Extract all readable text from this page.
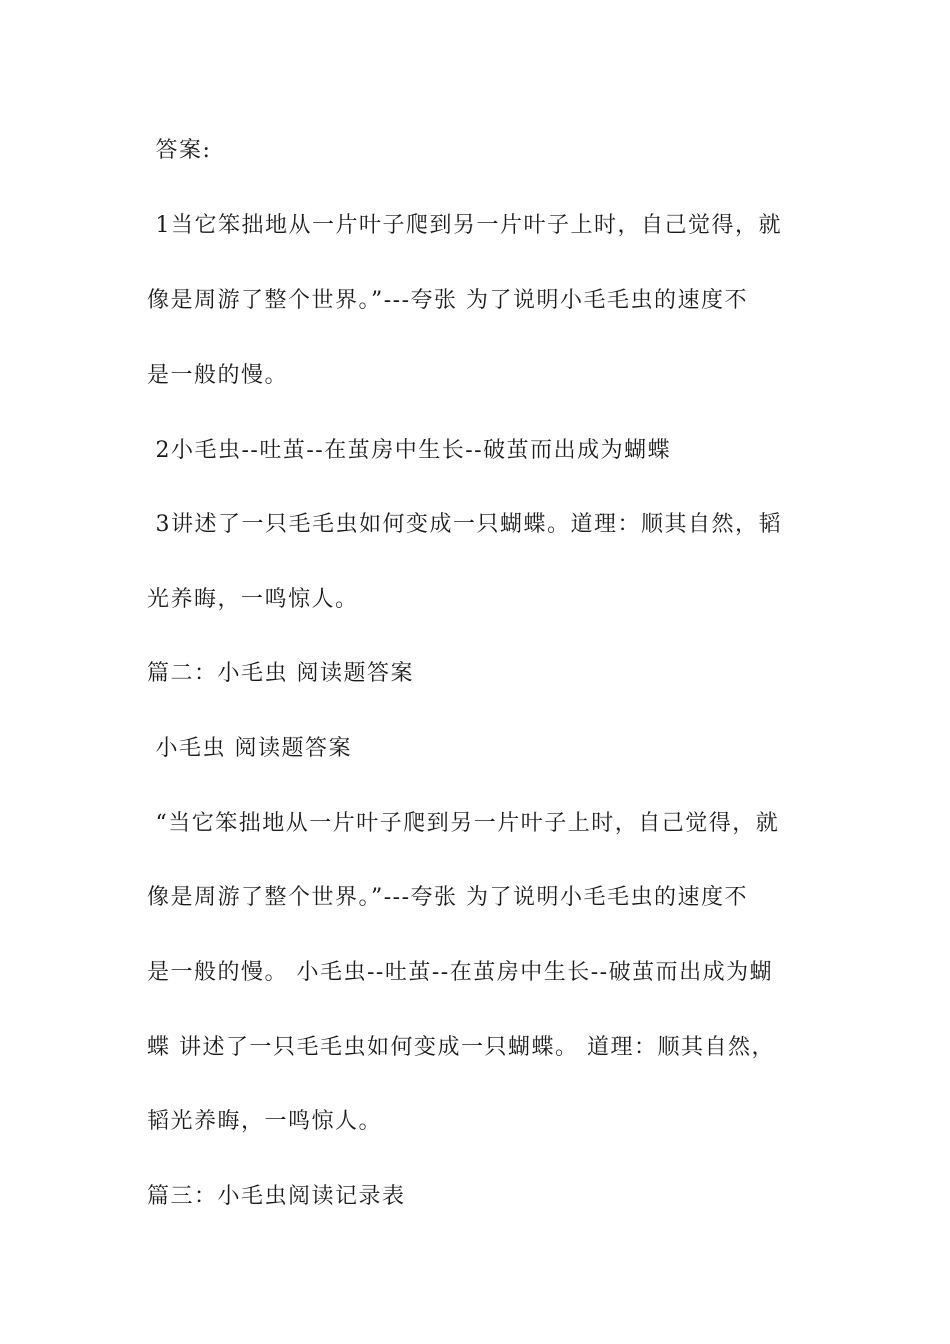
答案:
1当它笨拙地从一片叶子爬到另一片叶子上时，自己觉得，就
像是周游了整个世界。”---夸张 为了说明小毛毛虫的速度不
是一般的慢。
2小毛虫--吐茧--在茧房中生长--破茧而出成为蝴蝶
3讲述了一只毛毛虫如何变成一只蝴蝶。道理：顺其自然，韬
光养晦，一鸣惊人。
篇二：小毛虫 阅读题答案
小毛虫 阅读题答案
“当它笨拙地从一片叶子爬到另一片叶子上时，自己觉得，就
像是周游了整个世界。”---夸张 为了说明小毛毛虫的速度不
是一般的慢。 小毛虫--吐茧--在茧房中生长--破茧而出成为蝴
蝶 讲述了一只毛毛虫如何变成一只蝴蝶。 道理：顺其自然，
韬光养晦，一鸣惊人。
篇三：小毛虫阅读记录表
